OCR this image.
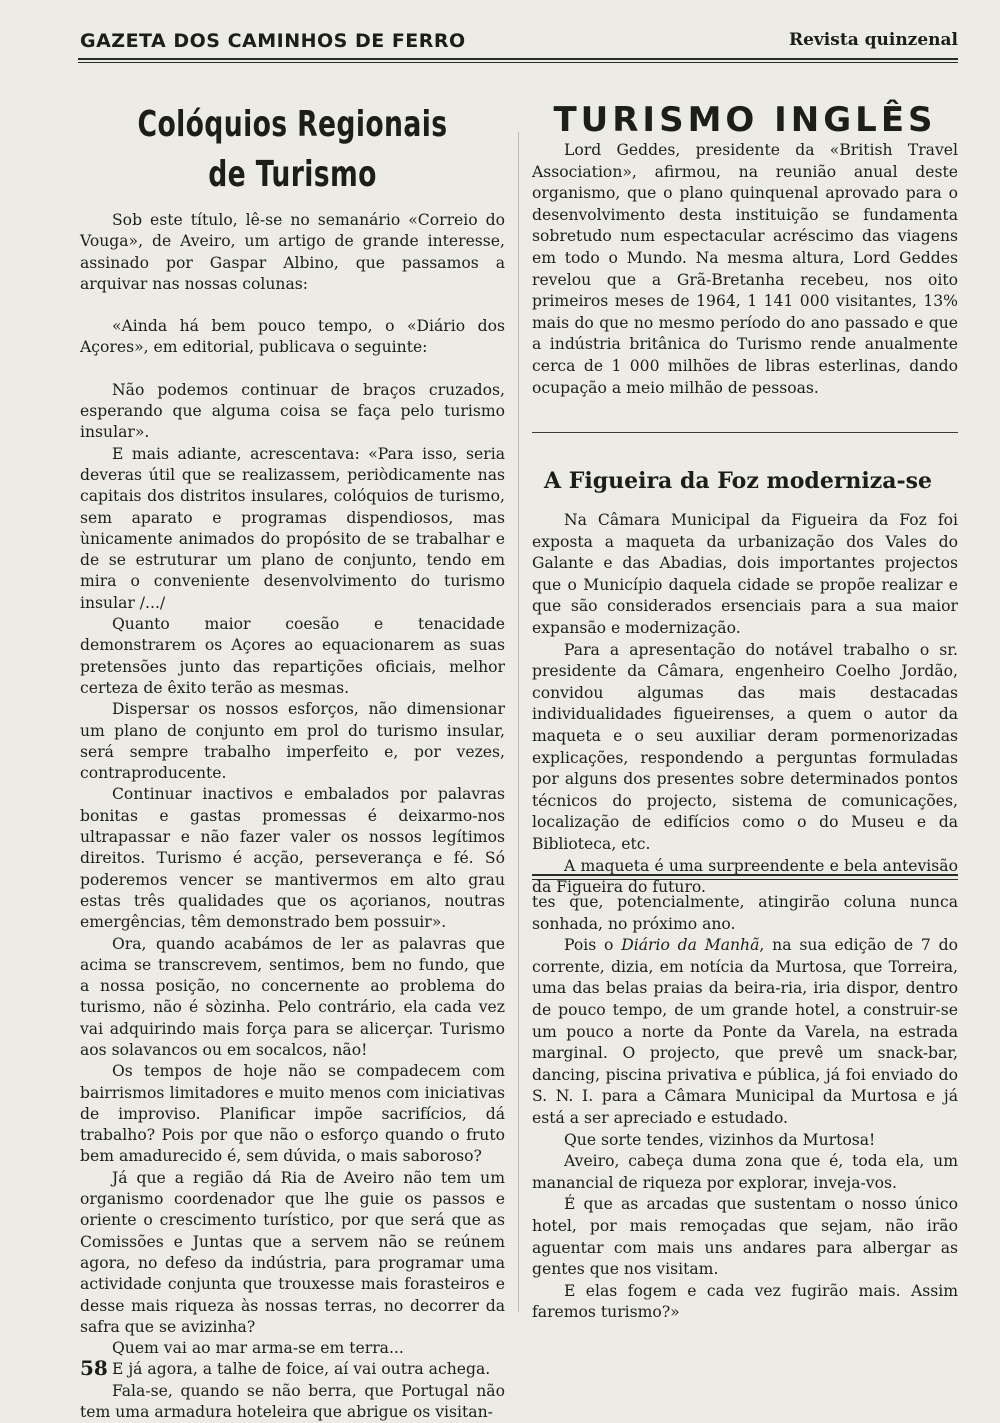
GAZETA DOS CAMINHOS DE FERRO	Revista quinzenal
Colóquios Regionais de Turismo

Sob este título, lê-se no semanário «Correio do Vouga», de Aveiro, um artigo de grande interesse, assinado por Gaspar Albino, que passamos a arquivar nas nossas colunas:

«Ainda há bem pouco tempo, o «Diário dos Açores», em editorial, publicava o seguinte:

Não podemos continuar de braços cruzados, esperando que alguma coisa se faça pelo turismo insular».

E mais adiante, acrescentava: «Para isso, seria deveras útil que se realizassem, periòdicamente nas capitais dos distritos insulares, colóquios de turismo, sem aparato e programas dispendiosos, mas ùnicamente animados do propósito de se trabalhar e de se estruturar um plano de conjunto, tendo em mira o conveniente desenvolvimento do turismo insular /.../

Quanto maior coesão e tenacidade demonstrarem os Açores ao equacionarem as suas pretensões junto das repartições oficiais, melhor certeza de êxito terão as mesmas.

Dispersar os nossos esforços, não dimensionar um plano de conjunto em prol do turismo insular, será sempre trabalho imperfeito e, por vezes, contraproducente.

Continuar inactivos e embalados por palavras bonitas e gastas promessas é deixarmo-nos ultrapassar e não fazer valer os nossos legítimos direitos. Turismo é acção, perseverança e fé. Só poderemos vencer se mantivermos em alto grau estas três qualidades que os açorianos, noutras emergências, têm demonstrado bem possuir».

Ora, quando acabámos de ler as palavras que acima se transcrevem, sentimos, bem no fundo, que a nossa posição, no concernente ao problema do turismo, não é sòzinha. Pelo contrário, ela cada vez vai adquirindo mais força para se alicerçar. Turismo aos solavancos ou em socalcos, não!

Os tempos de hoje não se compadecem com bairrismos limitadores e muito menos com iniciativas de improviso. Planificar impõe sacrifícios, dá trabalho? Pois por que não o esforço quando o fruto bem amadurecido é, sem dúvida, o mais saboroso?

Já que a região dá Ria de Aveiro não tem um organismo coordenador que lhe guie os passos e oriente o crescimento turístico, por que será que as Comissões e Juntas que a servem não se reúnem agora, no defeso da indústria, para programar uma actividade conjunta que trouxesse mais forasteiros e desse mais riqueza às nossas terras, no decorrer da safra que se avizinha?

Quem vai ao mar arma-se em terra...

E já agora, a talhe de foice, aí vai outra achega.

Fala-se, quando se não berra, que Portugal não tem uma armadura hoteleira que abrigue os visitan-

TURISMO INGLÊS

Lord Geddes, presidente da «British Travel Association», afirmou, na reunião anual deste organismo, que o plano quinquenal aprovado para o desenvolvimento desta instituição se fundamenta sobretudo num espectacular acréscimo das viagens em todo o Mundo. Na mesma altura, Lord Geddes revelou que a Grã-Bretanha recebeu, nos oito primeiros meses de 1964, 1 141 000 visitantes, 13% mais do que no mesmo período do ano passado e que a indústria britânica do Turismo rende anualmente cerca de 1 000 milhões de libras esterlinas, dando ocupação a meio milhão de pessoas.

A Figueira da Foz moderniza-se

Na Câmara Municipal da Figueira da Foz foi exposta a maqueta da urbanização dos Vales do Galante e das Abadias, dois importantes projectos que o Município daquela cidade se propõe realizar e que são considerados ersenciais para a sua maior expansão e modernização.

Para a apresentação do notável trabalho o sr. presidente da Câmara, engenheiro Coelho Jordão, convidou algumas das mais destacadas individualidades figueirenses, a quem o autor da maqueta e o seu auxiliar deram pormenorizadas explicações, respondendo a perguntas formuladas por alguns dos presentes sobre determinados pontos técnicos do projecto, sistema de comunicações, localização de edifícios como o do Museu e da Biblioteca, etc.

A maqueta é uma surpreendente e bela antevisão da Figueira do futuro.

tes que, potencialmente, atingirão coluna nunca sonhada, no próximo ano.

Pois o Diário da Manhã, na sua edição de 7 do corrente, dizia, em notícia da Murtosa, que Torreira, uma das belas praias da beira-ria, iria dispor, dentro de pouco tempo, de um grande hotel, a construir-se um pouco a norte da Ponte da Varela, na estrada marginal. O projecto, que prevê um snack-bar, dancing, piscina privativa e pública, já foi enviado do S. N. I. para a Câmara Municipal da Murtosa e já está a ser apreciado e estudado.

Que sorte tendes, vizinhos da Murtosa!

Aveiro, cabeça duma zona que é, toda ela, um manancial de riqueza por explorar, inveja-vos.

É que as arcadas que sustentam o nosso único hotel, por mais remoçadas que sejam, não irão aguentar com mais uns andares para albergar as gentes que nos visitam.

E elas fogem e cada vez fugirão mais. Assim faremos turismo?»

58
